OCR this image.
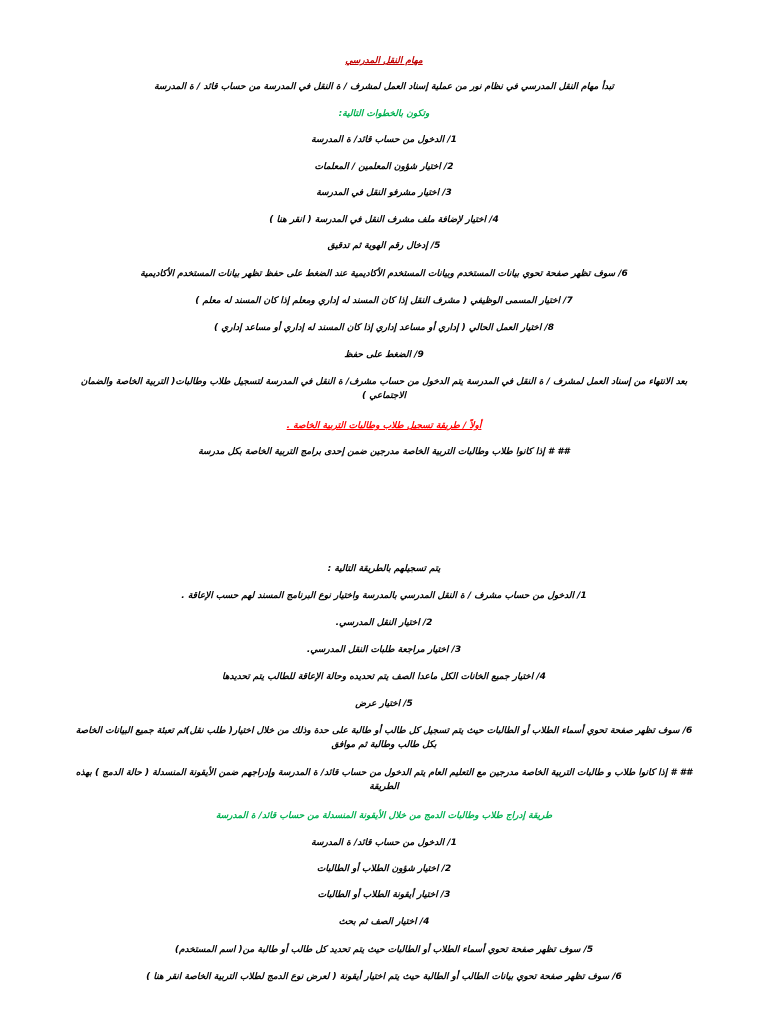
مهام النقل المدرسي
تبدأ مهام النقل المدرسي في نظام نور من عملية إسناد العمل لمشرف / ة النقل في المدرسة من حساب قائد / ة المدرسة
وتكون بالخطوات التالية:
1/ الدخول من حساب قائد/ ة المدرسة
2/ اختيار شؤون المعلمين / المعلمات
3/ اختيار مشرفو النقل في المدرسة
4/ اختيار لإضافة ملف مشرف النقل في المدرسة ( انقر هنا )
5/ إدخال رقم الهوية ثم تدقيق
6/ سوف تظهر صفحة تحوي بيانات المستخدم وبيانات المستخدم الأكاديمية عند الضغط على حفظ تظهر بيانات المستخدم الأكاديمية
7/ اختيار المسمى الوظيفي ( مشرف النقل إذا كان المسند له إداري ومعلم إذا كان المسند له معلم )
8/ اختيار العمل الحالي ( إداري أو مساعد إداري إذا كان المسند له إداري أو مساعد إداري )
9/ الضغط على حفظ
بعد الانتهاء من إسناد العمل لمشرف / ة النقل في المدرسة يتم الدخول من حساب مشرف/ ة النقل في المدرسة لتسجيل طلاب وطالبات( التربية الخاصة والضمان الاجتماعي )
أولاً / طريقة تسجيل طلاب وطالبات التربية الخاصة .
## # إذا كانوا طلاب وطالبات التربية الخاصة مدرجين ضمن إحدى برامج التربية الخاصة بكل مدرسة
يتم تسجيلهم بالطريقة التالية :
1/ الدخول من حساب مشرف / ة النقل المدرسي بالمدرسة واختيار نوع البرنامج المسند لهم حسب الإعاقة .
2/ اختيار النقل المدرسي.
3/ اختيار مراجعة طلبات النقل المدرسي.
4/ اختيار جميع الخانات الكل ماعدا الصف يتم تحديده وحالة الإعاقة للطالب يتم تحديدها
5/ اختيار عرض
6/ سوف تظهر صفحة تحوي أسماء الطلاب أو الطالبات حيث يتم تسجيل كل طالب أو طالبة على حدة وذلك من خلال اختيار( طلب نقل)ثم تعبئة جميع البيانات الخاصة بكل طالب وطالبة ثم موافق
## # إذا كانوا طلاب و طالبات التربية الخاصة مدرجين مع التعليم العام يتم الدخول من حساب قائد/ ة المدرسة وإدراجهم ضمن الأيقونة المنسدلة ( حالة الدمج ) بهذه الطريقة
طريقة إدراج طلاب وطالبات الدمج من خلال الأيقونة المنسدلة من حساب قائد/ ة المدرسة
1/ الدخول من حساب قائد/ ة المدرسة
2/ اختيار شؤون الطلاب أو الطالبات
3/ اختيار أيقونة الطلاب أو الطالبات
4/ اختيار الصف ثم بحث
5/ سوف تظهر صفحة تحوي أسماء الطلاب أو الطالبات حيث يتم تحديد كل طالب أو طالبة من( اسم المستخدم)
6/ سوف تظهر صفحة تحوي بيانات الطالب أو الطالبة حيث يتم اختيار أيقونة ( لعرض نوع الدمج لطلاب التربية الخاصة انقر هنا )
